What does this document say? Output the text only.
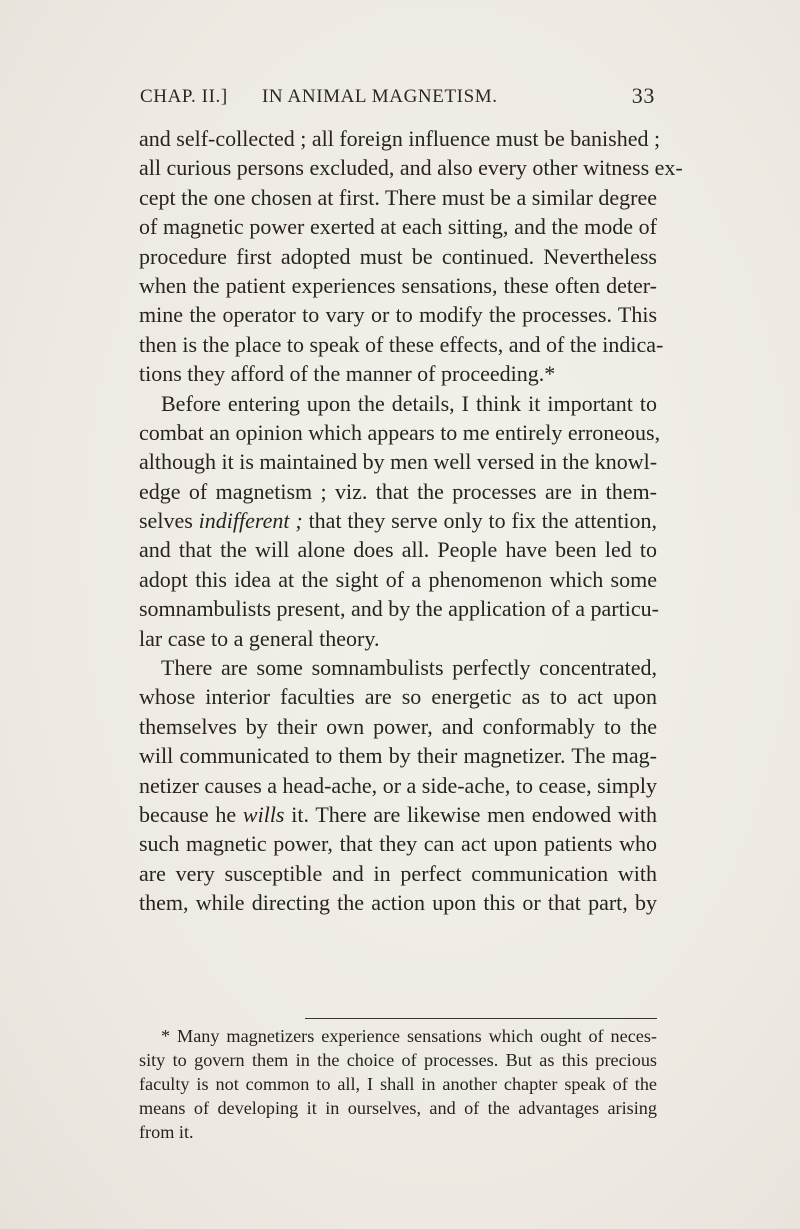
CHAP. II.] IN ANIMAL MAGNETISM.	33
and self-collected ; all foreign influence must be banished ;
all curious persons excluded, and also every other witness ex-
cept the one chosen at first. There must be a similar degree
of magnetic power exerted at each sitting, and the mode of
procedure first adopted must be continued. Nevertheless
when the patient experiences sensations, these often deter-
mine the operator to vary or to modify the processes. This
then is the place to speak of these effects, and of the indica-
tions they afford of the manner of proceeding.*
Before entering upon the details, I think it important to
combat an opinion which appears to me entirely erroneous,
although it is maintained by men well versed in the knowl-
edge of magnetism ; viz. that the processes are in them-
selves indifferent ; that they serve only to fix the attention,
and that the will alone does all. People have been led to
adopt this idea at the sight of a phenomenon which some
somnambulists present, and by the application of a particu-
lar case to a general theory.
There are some somnambulists perfectly concentrated,
whose interior faculties are so energetic as to act upon
themselves by their own power, and conformably to the
will communicated to them by their magnetizer. The mag-
netizer causes a head-ache, or a side-ache, to cease, simply
because he wills it. There are likewise men endowed with
such magnetic power, that they can act upon patients who
are very susceptible and in perfect communication with
them, while directing the action upon this or that part, by
* Many magnetizers experience sensations which ought of neces-
sity to govern them in the choice of processes. But as this precious
faculty is not common to all, I shall in another chapter speak of the
means of developing it in ourselves, and of the advantages arising
from it.
